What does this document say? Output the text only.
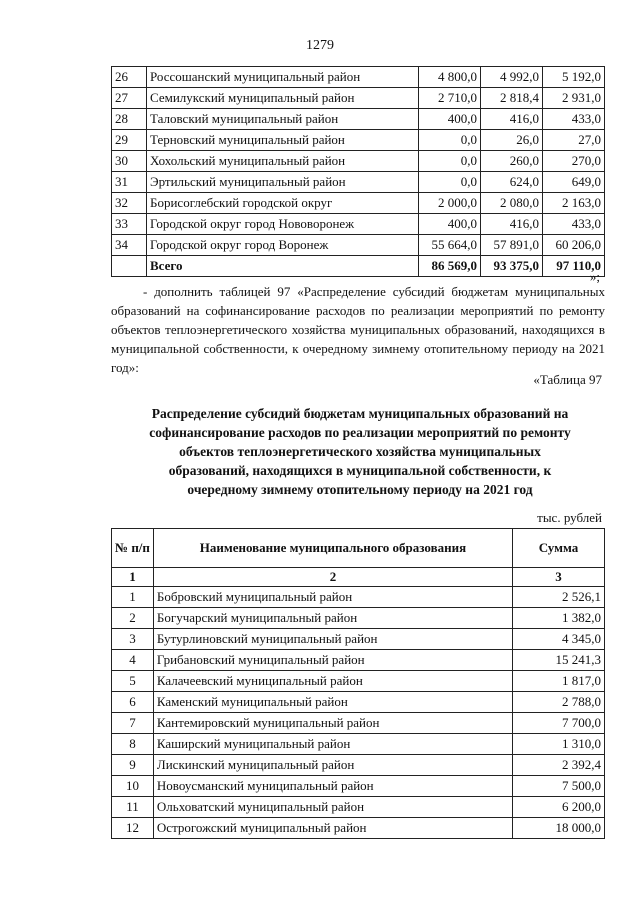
1279
26	Россошанский муниципальный район	4 800,0	4 992,0	5 192,0
27	Семилукский муниципальный район	2 710,0	2 818,4	2 931,0
28	Таловский муниципальный район	400,0	416,0	433,0
29	Терновский муниципальный район	0,0	26,0	27,0
30	Хохольский муниципальный район	0,0	260,0	270,0
31	Эртильский муниципальный район	0,0	624,0	649,0
32	Борисоглебский городской округ	2 000,0	2 080,0	2 163,0
33	Городской округ город Нововоронеж	400,0	416,0	433,0
34	Городской округ город Воронеж	55 664,0	57 891,0	60 206,0
	Всего	86 569,0	93 375,0	97 110,0
»;
- дополнить таблицей 97 «Распределение субсидий бюджетам муниципальных образований на софинансирование расходов по реализации мероприятий по ремонту объектов теплоэнергетического хозяйства муниципальных образований, находящихся в муниципальной собственности, к очередному зимнему отопительному периоду на 2021 год»:
«Таблица 97
Распределение субсидий бюджетам муниципальных образований на
софинансирование расходов по реализации мероприятий по ремонту
объектов теплоэнергетического хозяйства муниципальных
образований, находящихся в муниципальной собственности, к
очередному зимнему отопительному периоду на 2021 год
тыс. рублей
№ п/п	Наименование муниципального образования	Сумма
1	2	3
1	Бобровский муниципальный район	2 526,1
2	Богучарский муниципальный район	1 382,0
3	Бутурлиновский муниципальный район	4 345,0
4	Грибановский муниципальный район	15 241,3
5	Калачеевский муниципальный район	1 817,0
6	Каменский муниципальный район	2 788,0
7	Кантемировский муниципальный район	7 700,0
8	Каширский муниципальный район	1 310,0
9	Лискинский муниципальный район	2 392,4
10	Новоусманский муниципальный район	7 500,0
11	Ольховатский муниципальный район	6 200,0
12	Острогожский муниципальный район	18 000,0
